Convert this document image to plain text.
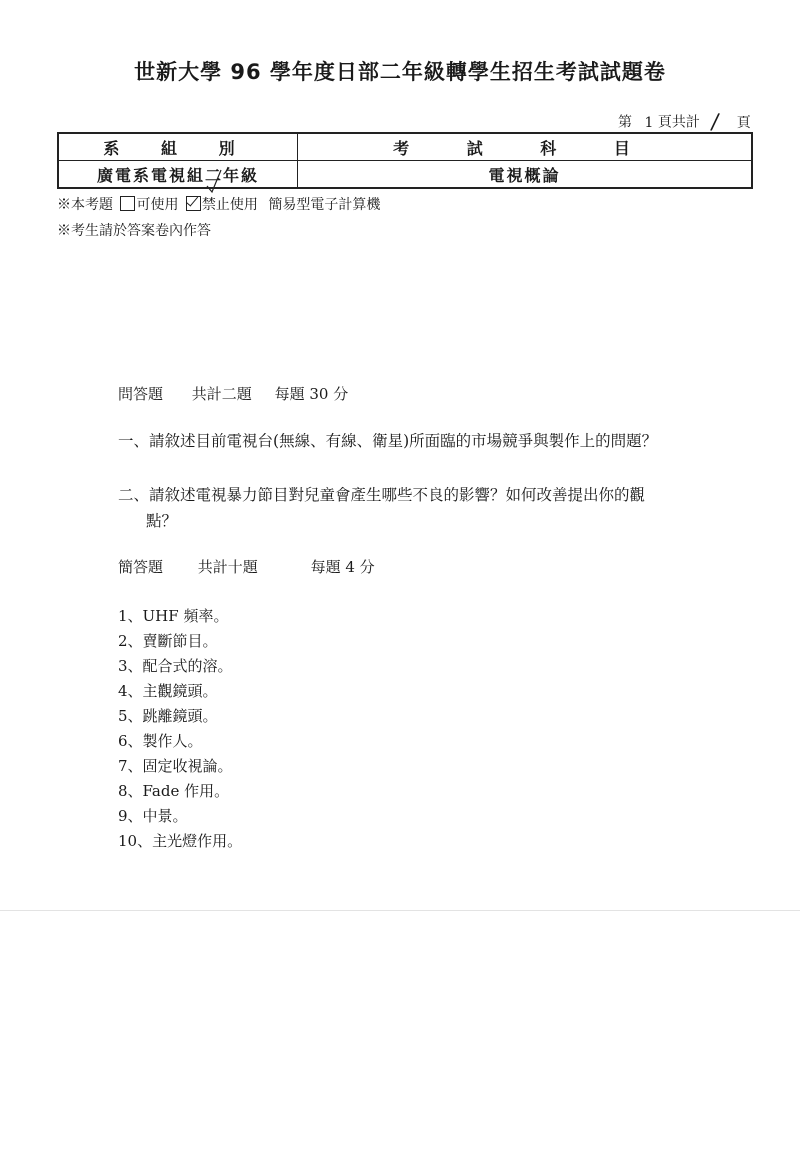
世新大學 96 學年度日部二年級轉學生招生考試試題卷
第 1 頁共計 / 頁
系 組 別	考 試 科 目
廣電系電視組二年級	電視概論
※本考題 可使用 禁止使用 簡易型電子計算機
※考生請於答案卷內作答
問答題 共計二題 每題 30 分
一、請敘述目前電視台(無線、有線、衛星)所面臨的市場競爭與製作上的問題？
二、請敘述電視暴力節目對兒童會產生哪些不良的影響？如何改善提出你的觀
點？
簡答題 共計十題	每題 4 分
1、UHF 頻率。
2、賣斷節目。
3、配合式的溶。
4、主觀鏡頭。
5、跳離鏡頭。
6、製作人。
7、固定收視論。
8、Fade 作用。
9、中景。
10、主光燈作用。
